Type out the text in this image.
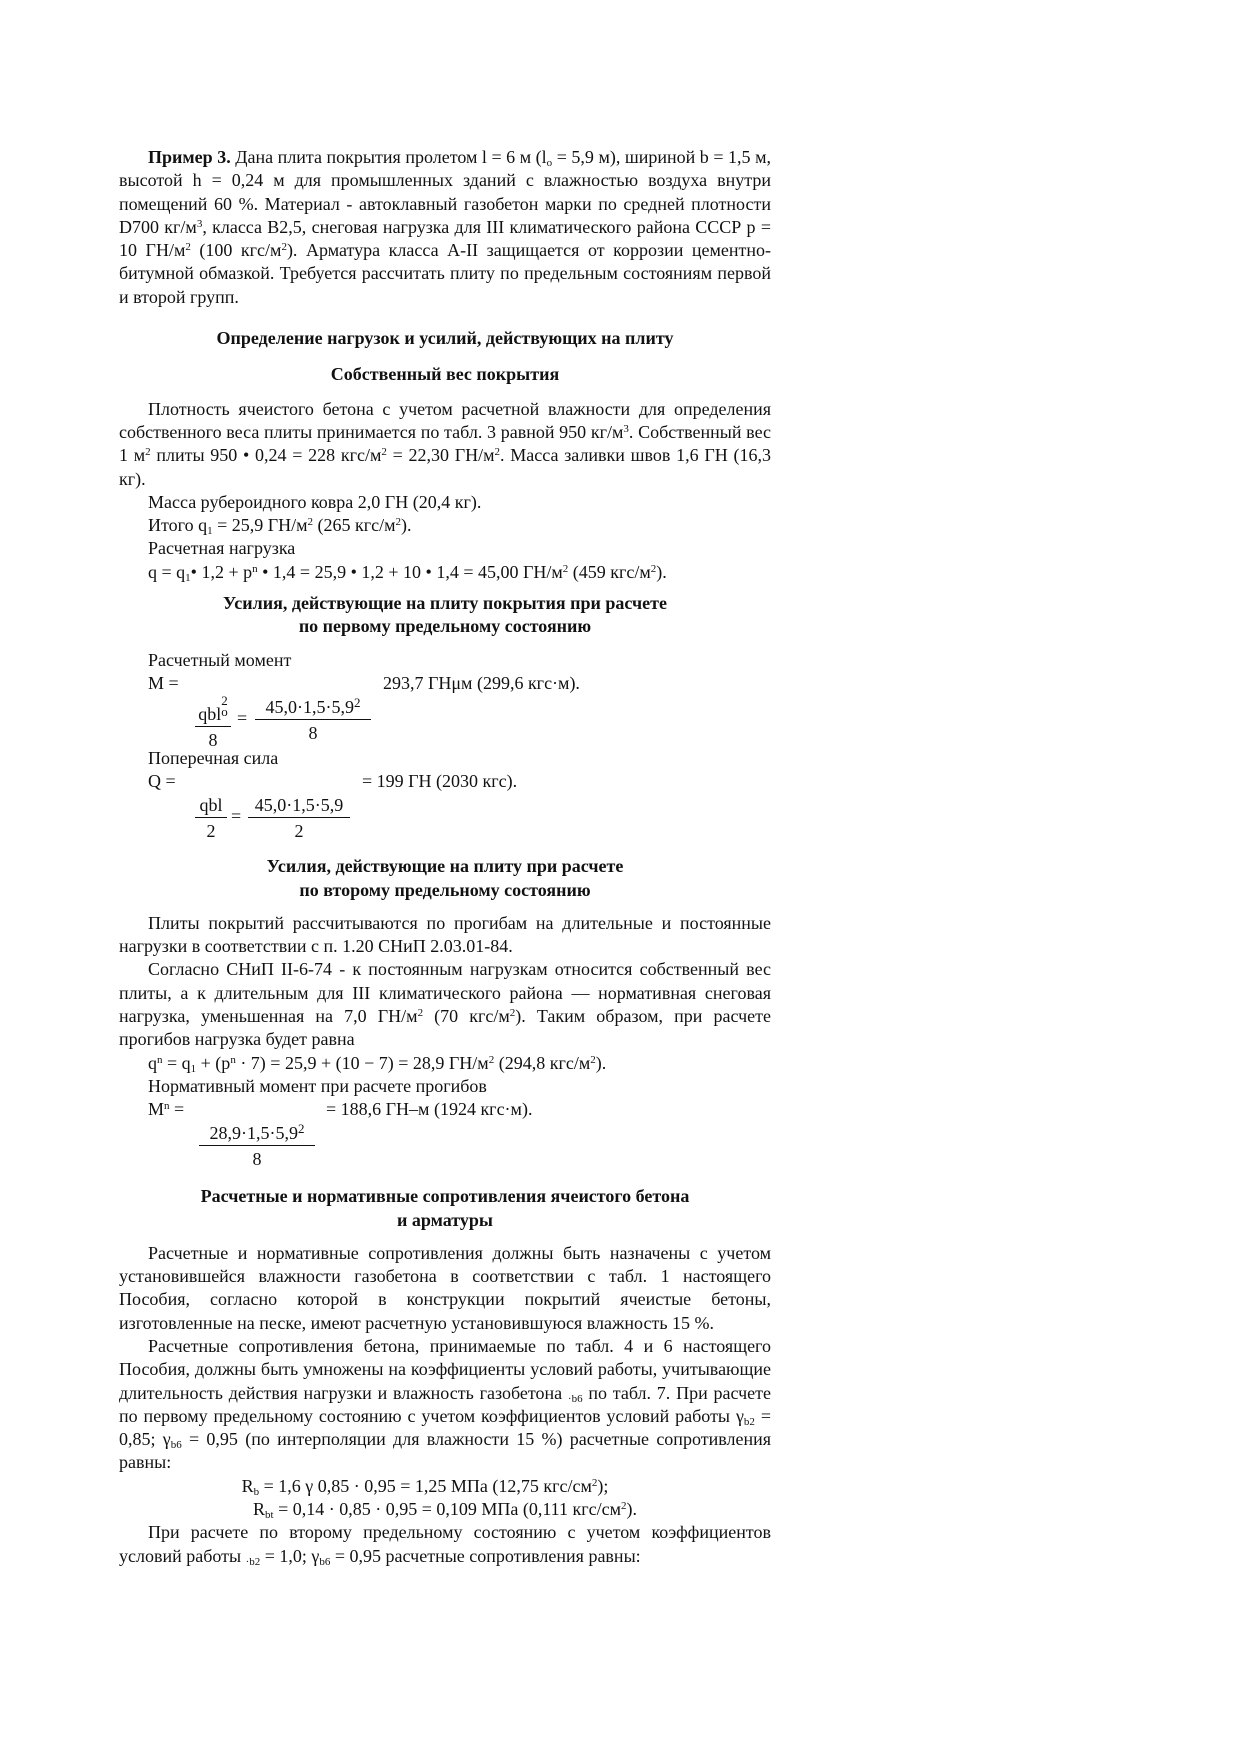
Пример 3. Дана плита покрытия пролетом l = 6 м ($l_o = 5,9$ м), шириной b = 1,5 м, высотой h = 0,24 м для промышленных зданий с влажностью воздуха внутри помещений 60 %. Материал - автоклавный газобетон марки по средней плотности D700 $кг/м^3$, класса В2,5, снеговая нагрузка для III климатического района СССР р = 10 $ГН/м^2$ (100 кгс/$м^2$). Арматура класса А-II защищается от коррозии цементно-битумной обмазкой. Требуется рассчитать плиту по предельным состояниям первой и второй групп.

Определение нагрузок и усилий, действующих на плиту

Собственный вес покрытия

Плотность ячеистого бетона с учетом расчетной влажности для определения собственного веса плиты принимается по табл. 3 равной 950 $кг/м^3$. Собственный вес 1 $м^2$ плиты 950 • 0,24 = 228 кгс/$м^2 = 22,30$ $ГН/м^2$. Масса заливки швов 1,6 ГН (16,3 кг).

Масса рубероидного ковра 2,0 ГН (20,4 кг).

Итого $q_1 = 25,9$ $ГН/м^2$ (265 кгс/$м^2$).

Расчетная нагрузка

$q = q_1•$ $1,2 + p^n$ • 1,4 = 25,9 • 1,2 + 10 • 1,4 = 45,00 $ГН/м^2$ (459 кгс/$м^2$).

Усилия, действующие на плиту покрытия при расчете
по первому предельному состоянию

Расчетный момент

M =	293,7 ГНμм (299,6 кгс·м).
qbl2
o
8
= $\frac{45,0\cdot 1,5\cdot 5,9^2}{8}$

Поперечная сила

Q =	= 199 ГН (2030 кгс).
qbl
2
= $\frac{45,0\cdot 1,5\cdot 5,9}{2}$

Усилия, действующие на плиту при расчете
по второму предельному состоянию

Плиты покрытий рассчитываются по прогибам на длительные и постоянные нагрузки в соответствии с п. 1.20 СНиП 2.03.01-84.

Согласно СНиП II-6-74 - к постоянным нагрузкам относится собственный вес плиты, а к длительным для III климатического района — нормативная снеговая нагрузка, уменьшенная на 7,0 $ГН/м^2$ (70 кгс/$м^2$). Таким образом, при расчете прогибов нагрузка будет равна

$q^n = q_1 + (p^n \cdot 7) = 25,9 + (10 - 7) = 28,9$ $ГН/м^2$ (294,8 кгс/$м^2$).

Нормативный момент при расчете прогибов

$M^n$ =	= 188,6 ГН–м (1924 кгс·м).
$\frac{28,9\cdot 1,5\cdot 5,9^2}{8}$

Расчетные и нормативные сопротивления ячеистого бетона
и арматуры

Расчетные и нормативные сопротивления должны быть назначены с учетом установившейся влажности газобетона в соответствии с табл. 1 настоящего Пособия, согласно которой в конструкции покрытий ячеистые бетоны, изготовленные на песке, имеют расчетную установившуюся влажность 15 %.

Расчетные сопротивления бетона, принимаемые по табл. 4 и 6 настоящего Пособия, должны быть умножены на коэффициенты условий работы, учитывающие длительность действия нагрузки и влажность газобетона $_{\cdot b6}$ по табл. 7. При расчете по первому предельному состоянию с учетом коэффициентов условий работы $\gamma_{b2} = 0,85$; $\gamma_{b6} = 0,95$ (по интерполяции для влажности 15 %) расчетные сопротивления равны:

$R_b = 1,6$ γ 0,85 · 0,95 = 1,25 МПа (12,75 кгс/$см^2$);

$R_{bt} = 0,14 \cdot 0,85 \cdot 0,95 = 0,109$ МПа (0,111 кгс/$см^2$).

При расчете по второму предельному состоянию с учетом коэффициентов условий работы $_{\cdot b2}$ = 1,0; $\gamma_{b6} = 0,95$ расчетные сопротивления равны:
